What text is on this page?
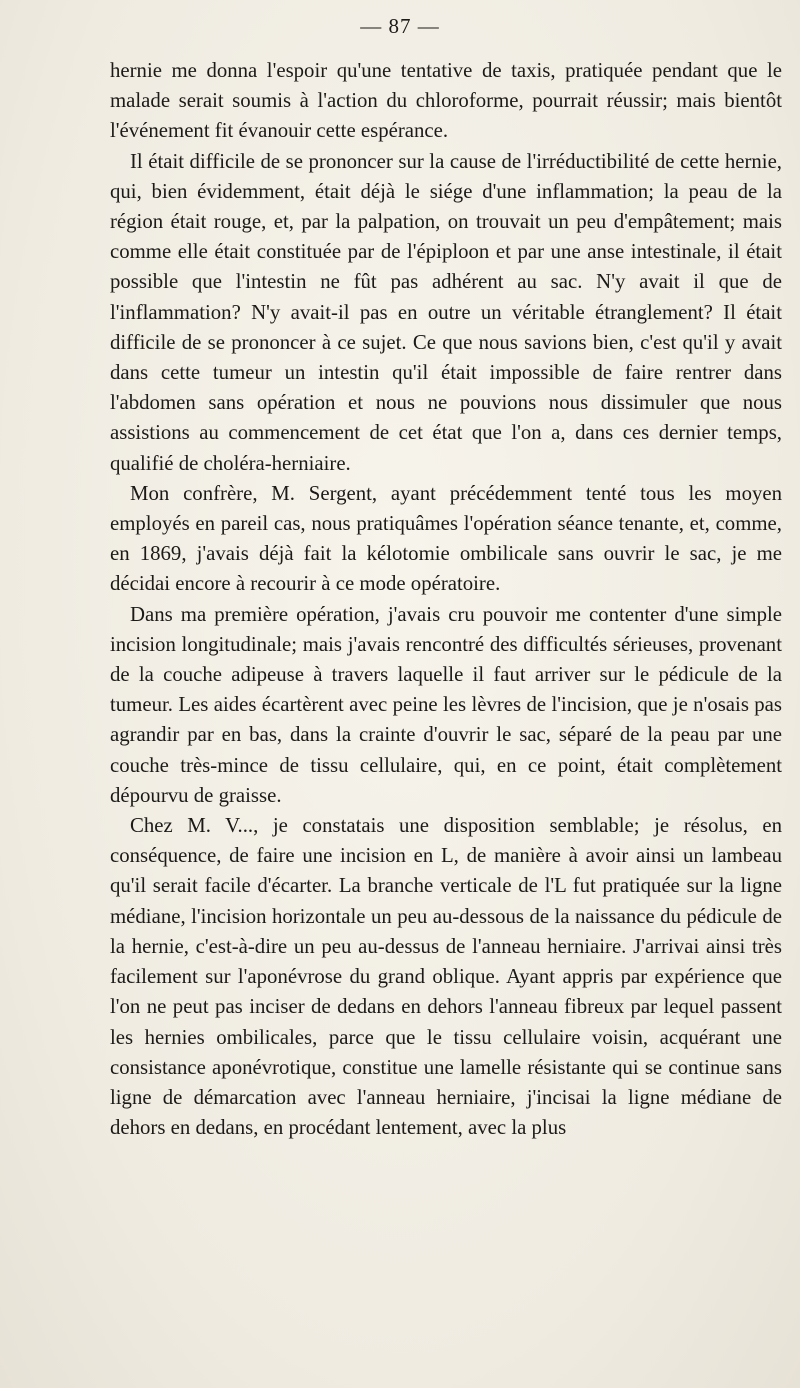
— 87 —

hernie me donna l'espoir qu'une tentative de taxis, pratiquée pendant que le malade serait soumis à l'action du chloroforme, pourrait réussir; mais bientôt l'événement fit évanouir cette espérance.

Il était difficile de se prononcer sur la cause de l'irréductibilité de cette hernie, qui, bien évidemment, était déjà le siége d'une inflammation; la peau de la région était rouge, et, par la palpation, on trouvait un peu d'empâtement; mais comme elle était constituée par de l'épiploon et par une anse intestinale, il était possible que l'intestin ne fût pas adhérent au sac. N'y avait il que de l'inflammation? N'y avait-il pas en outre un véritable étranglement? Il était difficile de se prononcer à ce sujet. Ce que nous savions bien, c'est qu'il y avait dans cette tumeur un intestin qu'il était impossible de faire rentrer dans l'abdomen sans opération et nous ne pouvions nous dissimuler que nous assistions au commencement de cet état que l'on a, dans ces dernier temps, qualifié de choléra-herniaire.

Mon confrère, M. Sergent, ayant précédemment tenté tous les moyen employés en pareil cas, nous pratiquâmes l'opération séance tenante, et, comme, en 1869, j'avais déjà fait la kélotomie ombilicale sans ouvrir le sac, je me décidai encore à recourir à ce mode opératoire.

Dans ma première opération, j'avais cru pouvoir me contenter d'une simple incision longitudinale; mais j'avais rencontré des difficultés sérieuses, provenant de la couche adipeuse à travers laquelle il faut arriver sur le pédicule de la tumeur. Les aides écartèrent avec peine les lèvres de l'incision, que je n'osais pas agrandir par en bas, dans la crainte d'ouvrir le sac, séparé de la peau par une couche très-mince de tissu cellulaire, qui, en ce point, était complètement dépourvu de graisse.

Chez M. V..., je constatais une disposition semblable; je résolus, en conséquence, de faire une incision en L, de manière à avoir ainsi un lambeau qu'il serait facile d'écarter. La branche verticale de l'L fut pratiquée sur la ligne médiane, l'incision horizontale un peu au-dessous de la naissance du pédicule de la hernie, c'est-à-dire un peu au-dessus de l'anneau herniaire. J'arrivai ainsi très facilement sur l'aponévrose du grand oblique. Ayant appris par expérience que l'on ne peut pas inciser de dedans en dehors l'anneau fibreux par lequel passent les hernies ombilicales, parce que le tissu cellulaire voisin, acquérant une consistance aponévrotique, constitue une lamelle résistante qui se continue sans ligne de démarcation avec l'anneau herniaire, j'incisai la ligne médiane de dehors en dedans, en procédant lentement, avec la plus
